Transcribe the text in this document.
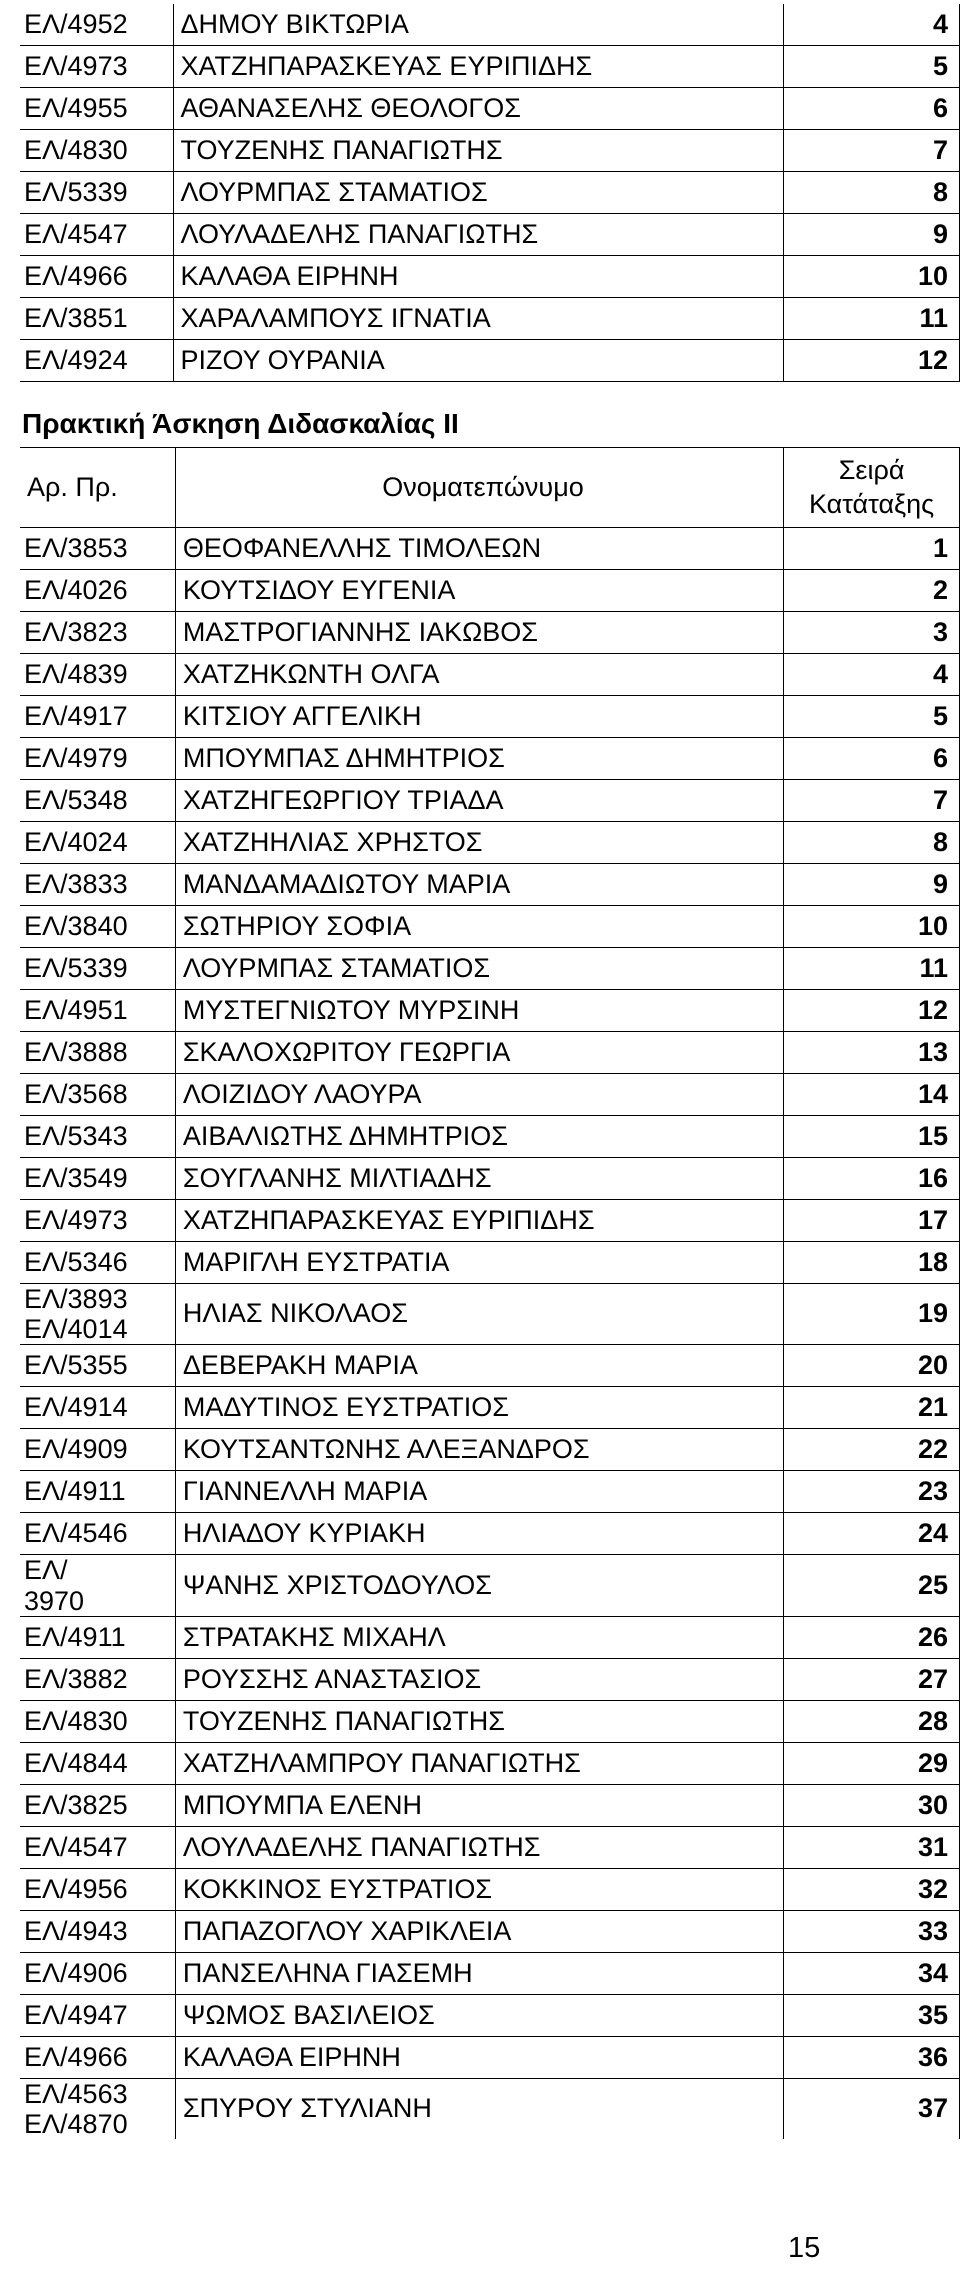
ΕΛ/4952	ΔΗΜΟΥ ΒΙΚΤΩΡΙΑ	4

ΕΛ/4973	ΧΑΤΖΗΠΑΡΑΣΚΕΥΑΣ ΕΥΡΙΠΙΔΗΣ	5

ΕΛ/4955	ΑΘΑΝΑΣΕΛΗΣ ΘΕΟΛΟΓΟΣ	6

ΕΛ/4830	ΤΟΥΖΕΝΗΣ ΠΑΝΑΓΙΩΤΗΣ	7

ΕΛ/5339	ΛΟΥΡΜΠΑΣ ΣΤΑΜΑΤΙΟΣ	8

ΕΛ/4547	ΛΟΥΛΑΔΕΛΗΣ ΠΑΝΑΓΙΩΤΗΣ	9

ΕΛ/4966	ΚΑΛΑΘΑ ΕΙΡΗΝΗ	10

ΕΛ/3851	ΧΑΡΑΛΑΜΠΟΥΣ ΙΓΝΑΤΙΑ	11

ΕΛ/4924	ΡΙΖΟΥ ΟΥΡΑΝΙΑ	12
Πρακτική Άσκηση Διδασκαλίας ΙΙ
Αρ. Πρ.	Ονοματεπώνυμο	Σειρά
Κατάταξης

ΕΛ/3853	ΘΕΟΦΑΝΕΛΛΗΣ ΤΙΜΟΛΕΩΝ	1

ΕΛ/4026	ΚΟΥΤΣΙΔΟΥ ΕΥΓΕΝΙΑ	2

ΕΛ/3823	ΜΑΣΤΡΟΓΙΑΝΝΗΣ ΙΑΚΩΒΟΣ	3

ΕΛ/4839	ΧΑΤΖΗΚΩΝΤΗ ΟΛΓΑ	4

ΕΛ/4917	ΚΙΤΣΙΟΥ ΑΓΓΕΛΙΚΗ	5

ΕΛ/4979	ΜΠΟΥΜΠΑΣ ΔΗΜΗΤΡΙΟΣ	6

ΕΛ/5348	ΧΑΤΖΗΓΕΩΡΓΙΟΥ ΤΡΙΑΔΑ	7

ΕΛ/4024	ΧΑΤΖΗΗΛΙΑΣ ΧΡΗΣΤΟΣ	8

ΕΛ/3833	ΜΑΝΔΑΜΑΔΙΩΤΟΥ ΜΑΡΙΑ	9

ΕΛ/3840	ΣΩΤΗΡΙΟΥ ΣΟΦΙΑ	10

ΕΛ/5339	ΛΟΥΡΜΠΑΣ ΣΤΑΜΑΤΙΟΣ	11

ΕΛ/4951	ΜΥΣΤΕΓΝΙΩΤΟΥ ΜΥΡΣΙΝΗ	12

ΕΛ/3888	ΣΚΑΛΟΧΩΡΙΤΟΥ ΓΕΩΡΓΙΑ	13

ΕΛ/3568	ΛΟΙΖΙΔΟΥ ΛΑΟΥΡΑ	14

ΕΛ/5343	ΑΙΒΑΛΙΩΤΗΣ ΔΗΜΗΤΡΙΟΣ	15

ΕΛ/3549	ΣΟΥΓΛΑΝΗΣ ΜΙΛΤΙΑΔΗΣ	16

ΕΛ/4973	ΧΑΤΖΗΠΑΡΑΣΚΕΥΑΣ ΕΥΡΙΠΙΔΗΣ	17

ΕΛ/5346	ΜΑΡΙΓΛΗ ΕΥΣΤΡΑΤΙΑ	18

ΕΛ/3893
ΕΛ/4014	ΗΛΙΑΣ ΝΙΚΟΛΑΟΣ	19

ΕΛ/5355	ΔΕΒΕΡΑΚΗ ΜΑΡΙΑ	20

ΕΛ/4914	ΜΑΔΥΤΙΝΟΣ ΕΥΣΤΡΑΤΙΟΣ	21

ΕΛ/4909	ΚΟΥΤΣΑΝΤΩΝΗΣ ΑΛΕΞΑΝΔΡΟΣ	22

ΕΛ/4911	ΓΙΑΝΝΕΛΛΗ ΜΑΡΙΑ	23

ΕΛ/4546	ΗΛΙΑΔΟΥ ΚΥΡΙΑΚΗ	24

ΕΛ/
3970	ΨΑΝΗΣ ΧΡΙΣΤΟΔΟΥΛΟΣ	25

ΕΛ/4911	ΣΤΡΑΤΑΚΗΣ ΜΙΧΑΗΛ	26

ΕΛ/3882	ΡΟΥΣΣΗΣ ΑΝΑΣΤΑΣΙΟΣ	27

ΕΛ/4830	ΤΟΥΖΕΝΗΣ ΠΑΝΑΓΙΩΤΗΣ	28

ΕΛ/4844	ΧΑΤΖΗΛΑΜΠΡΟΥ ΠΑΝΑΓΙΩΤΗΣ	29

ΕΛ/3825	ΜΠΟΥΜΠΑ ΕΛΕΝΗ	30

ΕΛ/4547	ΛΟΥΛΑΔΕΛΗΣ ΠΑΝΑΓΙΩΤΗΣ	31

ΕΛ/4956	ΚΟΚΚΙΝΟΣ ΕΥΣΤΡΑΤΙΟΣ	32

ΕΛ/4943	ΠΑΠΑΖΟΓΛΟΥ ΧΑΡΙΚΛΕΙΑ	33

ΕΛ/4906	ΠΑΝΣΕΛΗΝΑ ΓΙΑΣΕΜΗ	34

ΕΛ/4947	ΨΩΜΟΣ ΒΑΣΙΛΕΙΟΣ	35

ΕΛ/4966	ΚΑΛΑΘΑ ΕΙΡΗΝΗ	36

ΕΛ/4563
ΕΛ/4870	ΣΠΥΡΟΥ ΣΤΥΛΙΑΝΗ	37
15
